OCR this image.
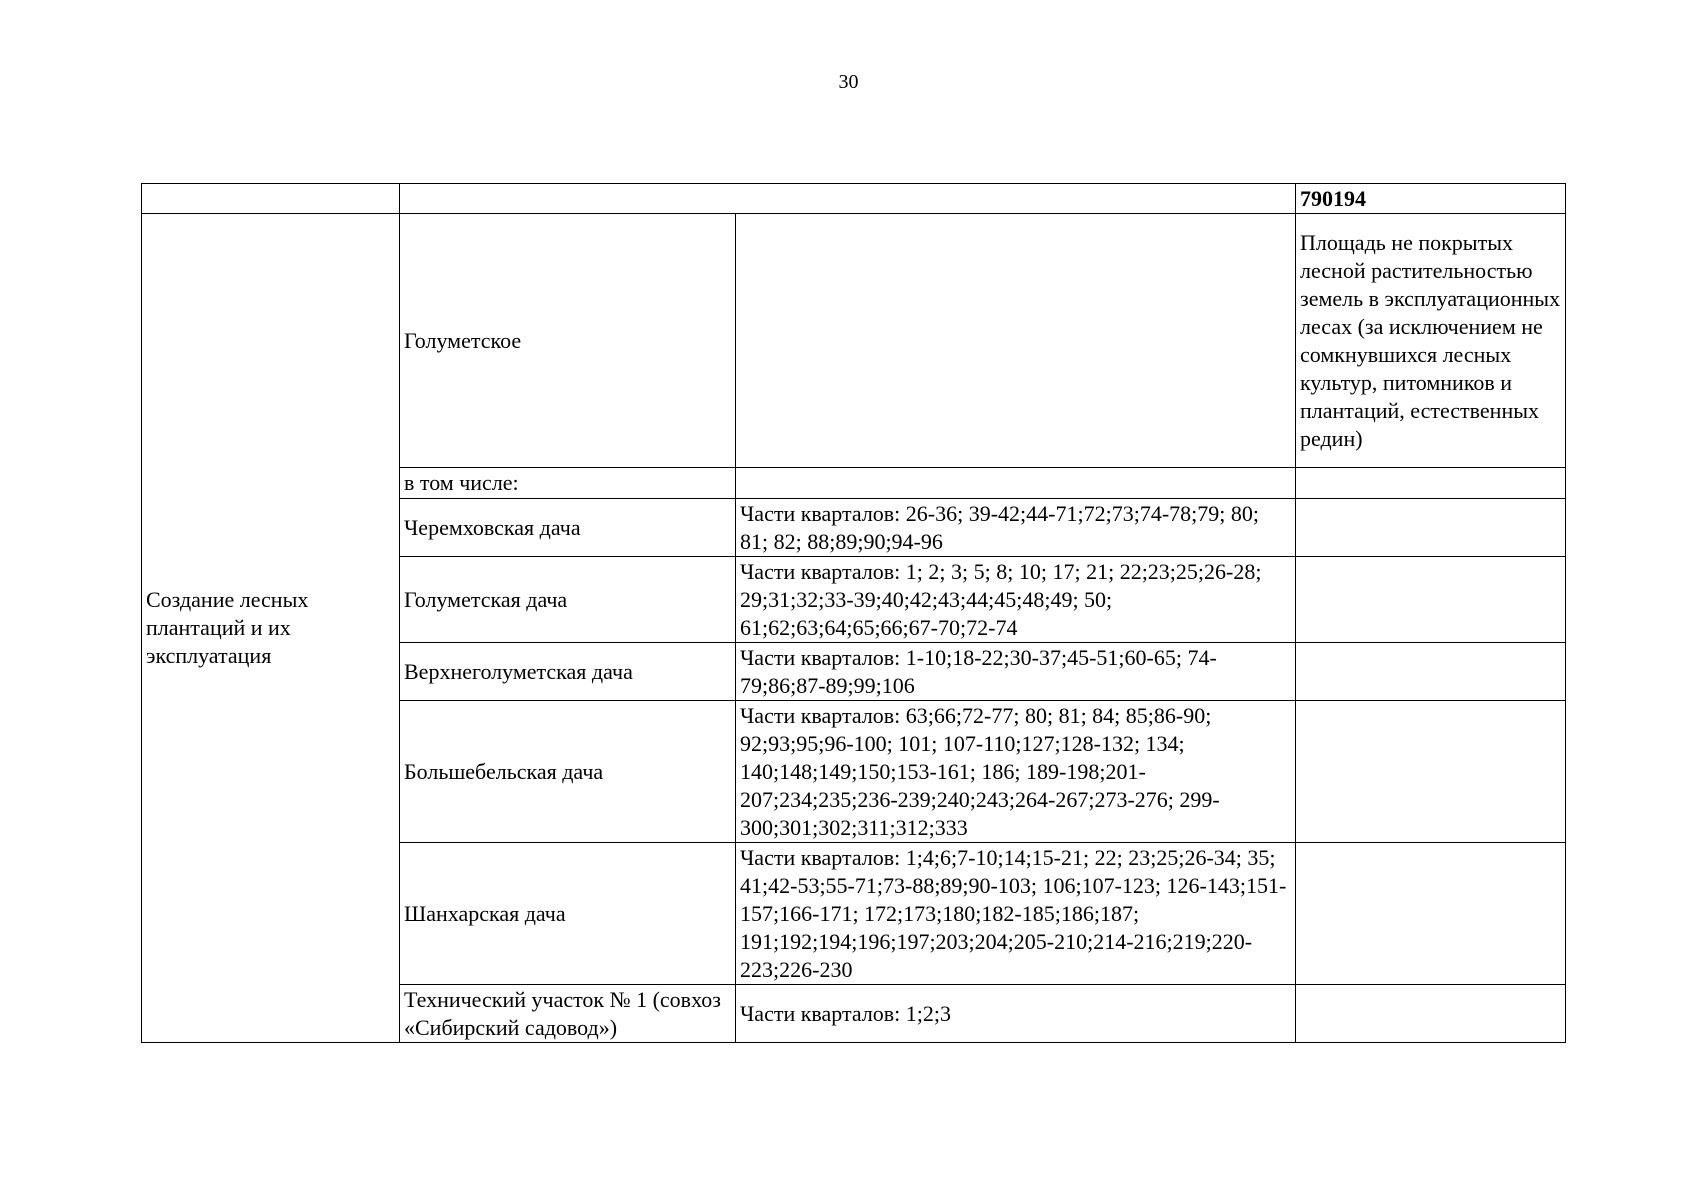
30
			790194
Создание лесных плантаций и их эксплуатация	Голуметское		Площадь не покрытых лесной растительностью земель в эксплуатационных лесах (за исключением не сомкнувшихся лесных культур, питомников и плантаций, естественных редин)
	в том числе:		
	Черемховская дача	Части кварталов: 26-36; 39-42;44-71;72;73;74-78;79; 80; 81; 82; 88;89;90;94-96	
	Голуметская дача	Части кварталов: 1; 2; 3; 5; 8; 10; 17; 21; 22;23;25;26-28; 29;31;32;33-39;40;42;43;44;45;48;49; 50; 61;62;63;64;65;66;67-70;72-74	
	Верхнеголуметская дача	Части кварталов: 1-10;18-22;30-37;45-51;60-65; 74-79;86;87-89;99;106	
	Большебельская дача	Части кварталов: 63;66;72-77; 80; 81; 84; 85;86-90; 92;93;95;96-100; 101; 107-110;127;128-132; 134; 140;148;149;150;153-161; 186; 189-198;201-207;234;235;236-239;240;243;264-267;273-276; 299-300;301;302;311;312;333	
	Шанхарская дача	Части кварталов: 1;4;6;7-10;14;15-21; 22; 23;25;26-34; 35; 41;42-53;55-71;73-88;89;90-103; 106;107-123; 126-143;151-157;166-171; 172;173;180;182-185;186;187; 191;192;194;196;197;203;204;205-210;214-216;219;220-223;226-230	
	Технический участок № 1 (совхоз «Сибирский садовод»)	Части кварталов: 1;2;3	
